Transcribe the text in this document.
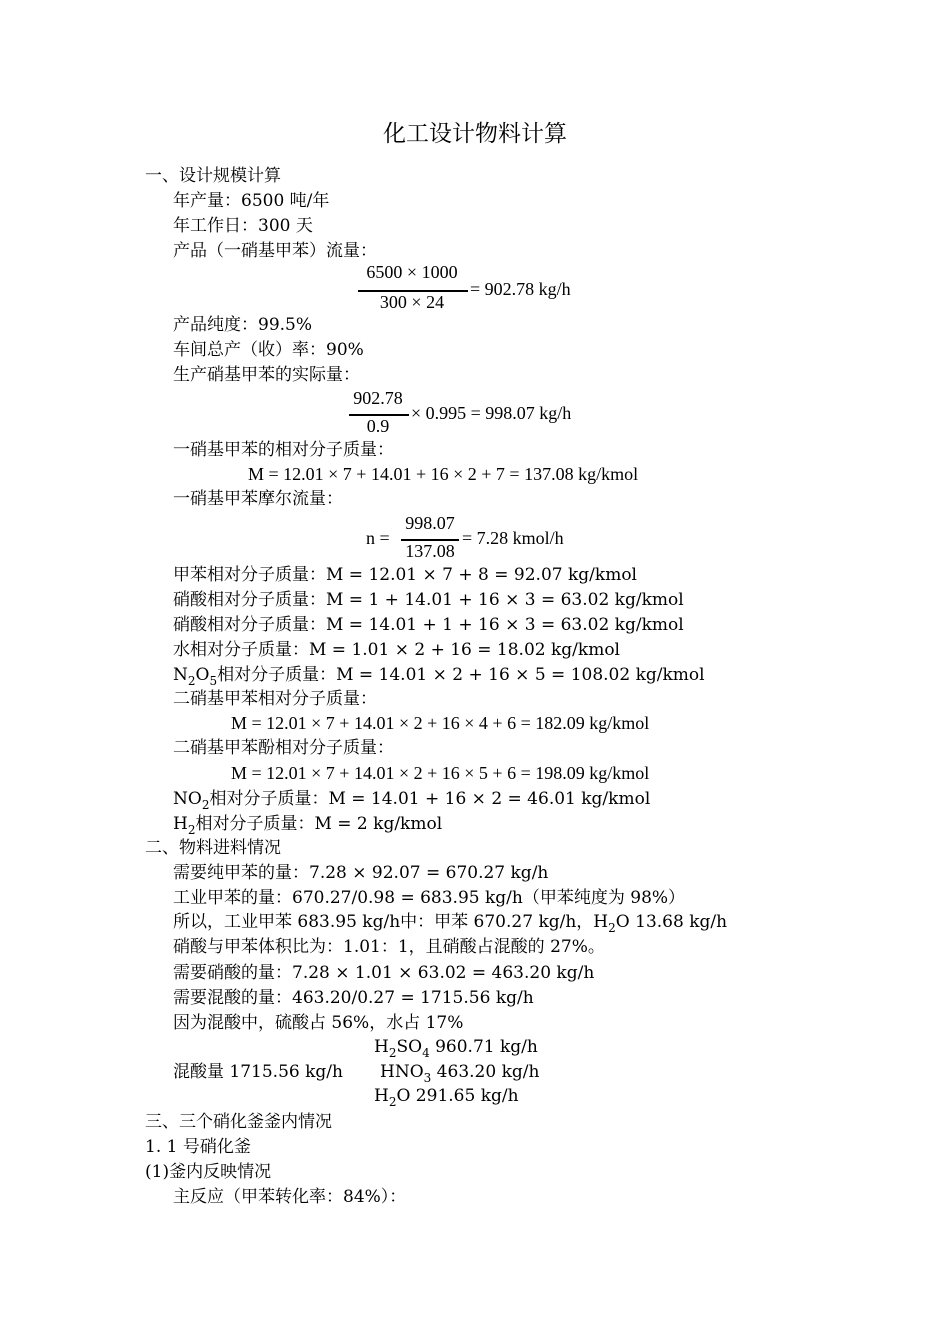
化工设计物料计算
一、设计规模计算
年产量：6500 吨/年
年工作日：300 天
产品（一硝基甲苯）流量：
6500 × 1000
300 × 24
= 902.78 kg/h
产品纯度：99.5%
车间总产（收）率：90%
生产硝基甲苯的实际量：
902.78
0.9
× 0.995 = 998.07 kg/h
一硝基甲苯的相对分子质量：
M = 12.01 × 7 + 14.01 + 16 × 2 + 7 = 137.08 kg/kmol
一硝基甲苯摩尔流量：
n =
998.07
137.08
= 7.28 kmol/h
甲苯相对分子质量：M = 12.01 × 7 + 8 = 92.07 kg/kmol
硝酸相对分子质量：M = 1 + 14.01 + 16 × 3 = 63.02 kg/kmol
硝酸相对分子质量：M = 14.01 + 1 + 16 × 3 = 63.02 kg/kmol
水相对分子质量：M = 1.01 × 2 + 16 = 18.02 kg/kmol
$N_2O_5$相对分子质量：M = 14.01 × 2 + 16 × 5 = 108.02 kg/kmol
二硝基甲苯相对分子质量：
M = 12.01 × 7 + 14.01 × 2 + 16 × 4 + 6 = 182.09 kg/kmol
二硝基甲苯酚相对分子质量：
M = 12.01 × 7 + 14.01 × 2 + 16 × 5 + 6 = 198.09 kg/kmol
$NO_2$相对分子质量：M = 14.01 + 16 × 2 = 46.01 kg/kmol
$H_2$相对分子质量：M = 2 kg/kmol
二、物料进料情况
需要纯甲苯的量：7.28 × 92.07 = 670.27 kg/h
工业甲苯的量：670.27/0.98 = 683.95 kg/h（甲苯纯度为 98%）
所以，工业甲苯 683.95 kg/h中：甲苯 670.27 kg/h，$H_2O$ 13.68 kg/h
硝酸与甲苯体积比为：1.01：1，且硝酸占混酸的 27%。
需要硝酸的量：7.28 × 1.01 × 63.02 = 463.20 kg/h
需要混酸的量：463.20/0.27 = 1715.56 kg/h
因为混酸中，硫酸占 56%，水占 17%
$H_2SO_4$ 960.71 kg/h
混酸量 1715.56 kg/h $HNO_3$ 463.20 kg/h
$H_2O$ 291.65 kg/h
三、三个硝化釜釜内情况
1. 1 号硝化釜
(1)釜内反映情况
主反应（甲苯转化率：84%）：
